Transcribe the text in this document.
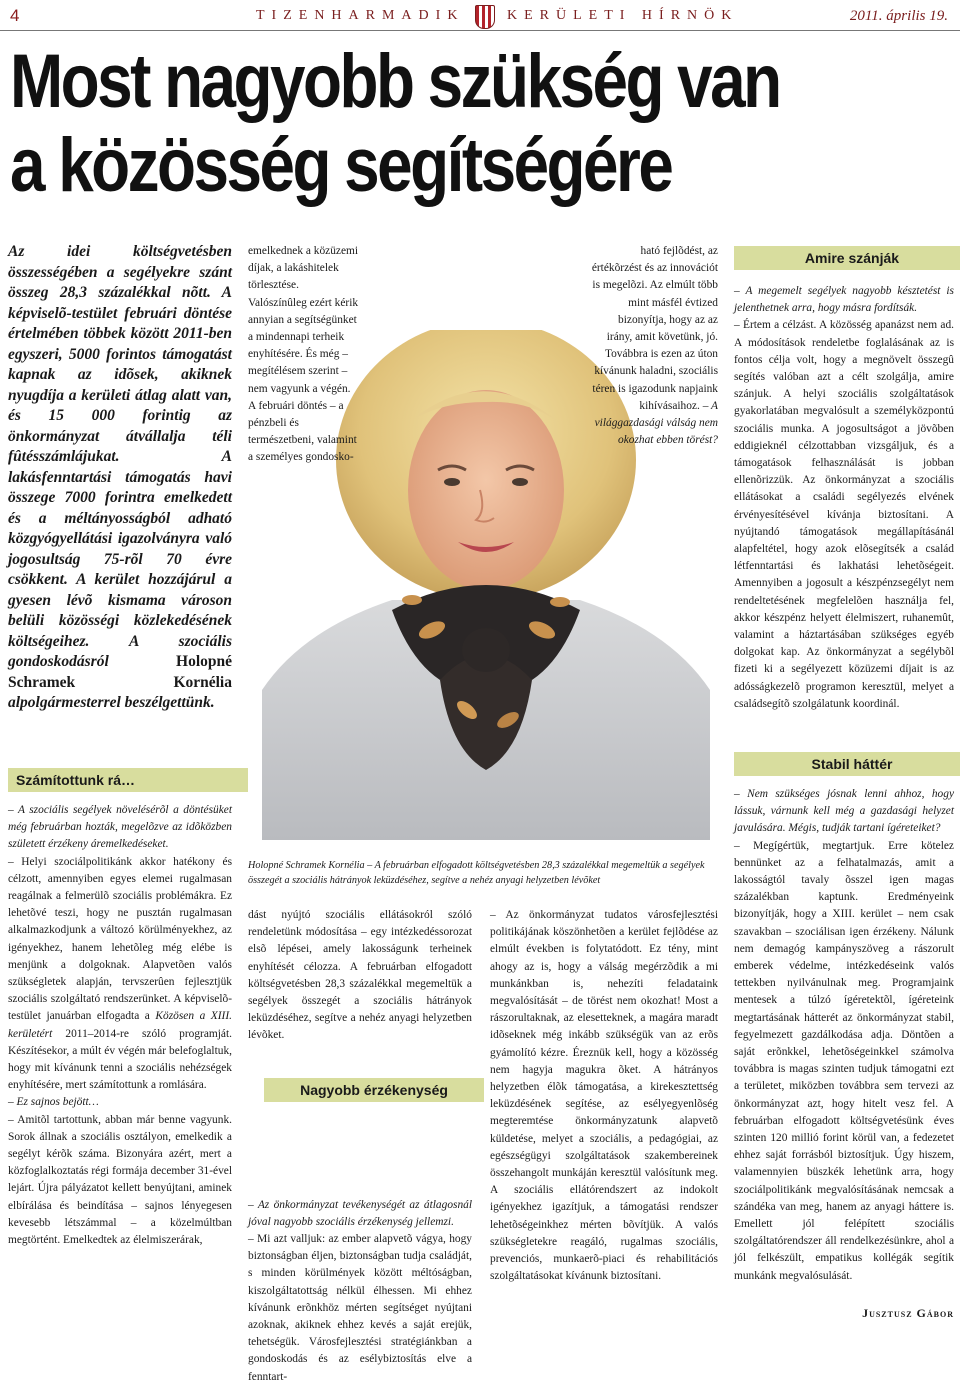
4	TIZENHARMADIK	KERÜLETI HÍRNÖK	2011. április 19.
Most nagyobb szükség van
a közösség segítségére
Az idei költségvetésben összességében a segélyekre szánt összeg 28,3 százalékkal nõtt. A képviselõ-testület februári döntése értelmében többek között 2011-ben egyszeri, 5000 forintos támogatást kapnak az idõsek, akiknek nyugdíja a kerületi átlag alatt van, és 15 000 forintig az önkormányzat átvállalja téli fûtésszámlájukat. A lakásfenntartási támogatás havi összege 7000 forintra emelkedett és a méltányosságból adható közgyógyellátási igazolványra való jogosultság 75-rõl 70 évre csökkent. A kerület hozzájárul a gyesen lévõ kismama városon belüli közösségi közlekedésének költségeihez. A szociális gondoskodásról	Holopné Schramek Kornélia alpolgármesterrel beszélgettünk.
emelkednek a közüzemi díjak, a lakáshitelek törlesztése. Valószínûleg ezért kérik annyian a segítségünket a mindennapi terheik enyhítésére. És még – megítélésem szerint – nem vagyunk a végén. A februári döntés – a pénzbeli és természetbeni, valamint a személyes gondosko-
ható fejlõdést, az értékõrzést és az innovációt is megelõzi. Az elmúlt több mint másfél évtized bizonyítja, hogy az az irány, amit követünk, jó. Továbbra is ezen az úton kívánunk haladni, szociális téren is igazodunk napjaink kihívásaihoz. – A világgazdasági válság nem okozhat ebben törést?
Holopné Schramek Kornélia – A februárban elfogadott költségvetésben 28,3 százalékkal megemeltük a segélyek összegét a szociális hátrányok leküzdéséhez, segítve a nehéz anyagi helyzetben lévõket
Számítottunk rá…

– A szociális segélyek növelésérõl a döntésüket még februárban hozták, megelõzve az idõközben született érzékeny áremelkedéseket.

– Helyi szociálpolitikánk akkor hatékony és célzott, amennyiben egyes elemei rugalmasan reagálnak a felmerülõ szociális problémákra. Ez lehetõvé teszi, hogy ne pusztán rugalmasan alkalmazkodjunk a változó körülményekhez, az igényekhez, hanem lehetõleg még elébe is menjünk a dolgoknak. Alapvetõen valós szükségletek alapján, tervszerûen fejlesztjük szociális szolgáltató rendszerünket. A képviselõ-testület januárban elfogadta a Közösen a XIII. kerületért 2011–2014-re szóló programját. Készítésekor, a múlt év végén már belefoglaltuk, hogy mit kívánunk tenni a szociális nehézségek enyhítésére, mert számítottunk a romlására.

– Ez sajnos bejött…

– Amitõl tartottunk, abban már benne vagyunk. Sorok állnak a szociális osztályon, emelkedik a segélyt kérõk száma. Bizonyára azért, mert a közfoglalkoztatás régi formája december 31-ével lejárt. Újra pályázatot kellett benyújtani, aminek elbírálása és beindítása – sajnos lényegesen kevesebb létszámmal – a közelmúltban megtörtént. Emelkedtek az élelmiszerárak,

dást nyújtó szociális ellátásokról szóló rendeletünk módosítása – egy intézkedéssorozat elsõ lépései, amely lakosságunk terheinek enyhítését célozza. A februárban elfogadott költségvetésben 28,3 százalékkal megemeltük a segélyek összegét a szociális hátrányok leküzdéséhez, segítve a nehéz anyagi helyzetben lévõket.

– Az önkormányzat tevékenységét az átlagosnál jóval nagyobb szociális érzékenység jellemzi.

– Mi azt valljuk: az ember alapvetõ vágya, hogy biztonságban éljen, biztonságban tudja családját, s minden körülmények között méltóságban, kiszolgáltatottság nélkül élhessen. Mi ehhez kívánunk erõnkhöz mérten segítséget nyújtani azoknak, akiknek ehhez kevés a saját erejük, tehetségük. Városfejlesztési stratégiánkban a gondoskodás és az esélybiztosítás elve a fenntart-

Nagyobb érzékenység

– Az önkormányzat tudatos városfejlesztési politikájának köszönhetõen a kerület fejlõdése az elmúlt években is folytatódott. Ez tény, mint ahogy az is, hogy a válság megérzõdik a mi munkánkban is, nehezíti feladataink megvalósítását – de törést nem okozhat! Most a rászorultaknak, az elesetteknek, a magára maradt idõseknek még inkább szükségük van az erõs gyámolító kézre. Éreznük kell, hogy a közösség nem hagyja magukra õket. A hátrányos helyzetben élõk támogatása, a kirekesztettség leküzdésének segítése, az esélyegyenlõség megteremtése önkormányzatunk alapvetõ küldetése, melyet a szociális, a pedagógiai, az egészségügyi szolgáltatások szakembereinek összehangolt munkáján keresztül valósítunk meg. A szociális ellátórendszert az indokolt igényekhez igazítjuk, a támogatási rendszer lehetõségeinkhez mérten bõvítjük. A valós szükségletekre reagáló, rugalmas szociális, prevenciós, munkaerõ-piaci és rehabilitációs szolgáltatásokat kívánunk biztosítani.

Amire szánják

– A megemelt segélyek nagyobb késztetést is jelenthetnek arra, hogy másra fordítsák.

– Értem a célzást. A közösség apanázst nem ad. A módosítások rendeletbe foglalásának az is fontos célja volt, hogy a megnövelt összegû segítés valóban azt a célt szolgálja, amire szánjuk. A helyi szociális szolgáltatások gyakorlatában megvalósult a személyközpontú szociális munka. A jogosultságot a jövõben eddigieknél célzottabban vizsgáljuk, és a támogatások felhasználását is jobban ellenõrizzük. Az önkormányzat a szociális ellátásokat a családi segélyezés elvének érvényesítésével kívánja biztosítani. A nyújtandó támogatások megállapításánál alapfeltétel, hogy azok elõsegítsék a család létfenntartási és lakhatási lehetõségeit. Amennyiben a jogosult a készpénzsegélyt nem rendeltetésének megfelelõen használja fel, akkor készpénz helyett élelmiszert, ruhanemût, valamint a háztartásában szükséges egyéb dolgokat kap. Az önkormányzat a segélybõl fizeti ki a segélyezett közüzemi díjait is az adósságkezelõ programon keresztül, melyet a családsegítõ szolgálatunk koordinál.

Stabil háttér

– Nem szükséges jósnak lenni ahhoz, hogy lássuk, várnunk kell még a gazdasági helyzet javulására. Mégis, tudják tartani ígéreteiket?

– Megígértük, megtartjuk. Erre kötelez bennünket az a felhatalmazás, amit a lakosságtól tavaly õsszel igen magas százalékban kaptunk. Eredményeink bizonyítják, hogy a XIII. kerület – nem csak szavakban – szociálisan igen érzékeny. Nálunk nem demagóg kampányszöveg a rászorult emberek védelme, intézkedéseink valós tettekben nyilvánulnak meg. Programjaink mentesek a túlzó ígéretektõl, ígéreteink megtartásának hátterét az önkormányzat stabil, fegyelmezett gazdálkodása adja. Döntõen a saját erõnkkel, lehetõségeinkkel számolva továbbra is magas szinten tudjuk támogatni ezt a területet, miközben továbbra sem tervezi az önkormányzat azt, hogy hitelt vesz fel. A februárban elfogadott költségvetésünk éves szinten 120 millió forint körül van, a fedezetet ehhez saját forrásból biztosítjuk. Úgy hiszem, valamennyien büszkék lehetünk arra, hogy szociálpolitikánk megvalósításának nemcsak a szándéka van meg, hanem az anyagi háttere is. Emellett jól felépített szociális szolgáltatórendszer áll rendelkezésünkre, ahol a jól felkészült, empatikus kollégák segítik munkánk megvalósulását.

Jusztusz Gábor
